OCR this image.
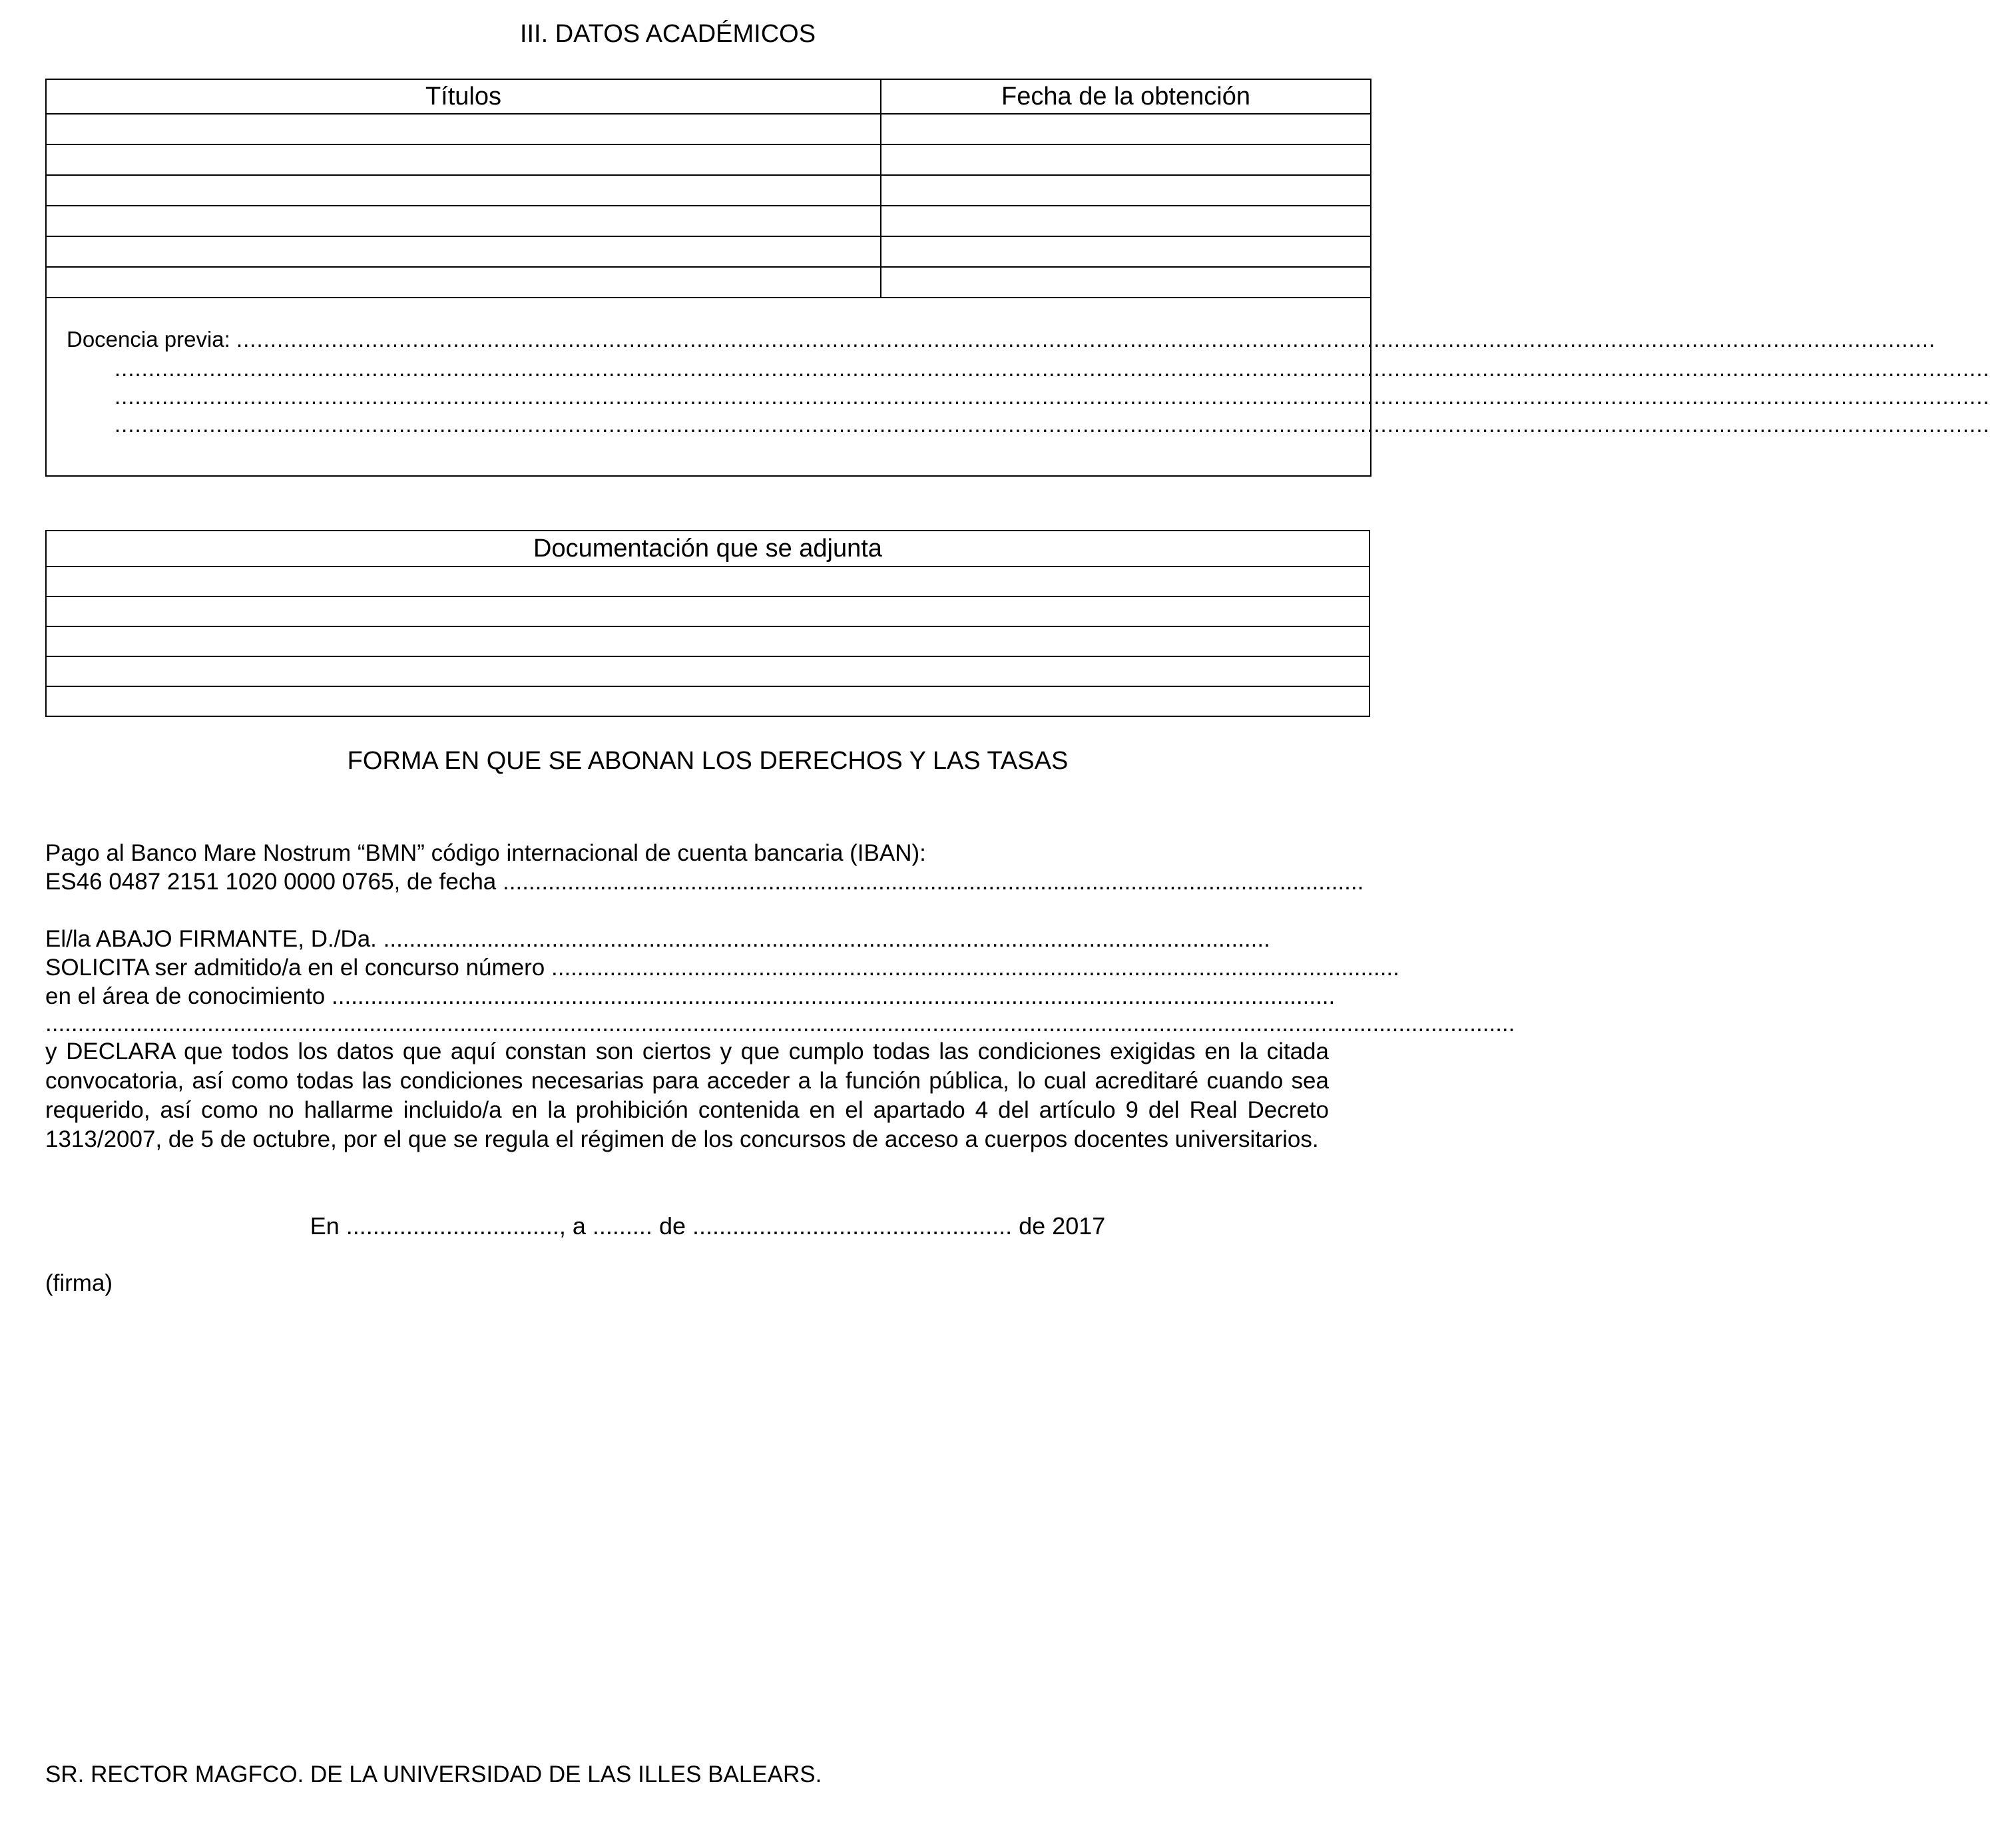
III. DATOS ACADÉMICOS
Títulos	Fecha de la obtención

Docencia previa: ...........................................................................................................................................................................................................................................................
.....................................................................................................................................................................................................................................................................................
.....................................................................................................................................................................................................................................................................................
.....................................................................................................................................................................................................................................................................................	
Documentación que se adjunta

FORMA EN QUE SE ABONAN LOS DERECHOS Y LAS TASAS
Pago al Banco Mare Nostrum “BMN” código internacional de cuenta bancaria (IBAN):
ES46 0487 2151 1020 0000 0765, de fecha .....................................................................................................................................
El/la ABAJO FIRMANTE, D./Da. .........................................................................................................................................
SOLICITA ser admitido/a en el concurso número ...................................................................................................................................
en el área de conocimiento ...........................................................................................................................................................
...................................................................................................................................................................................................................................
y DECLARA que todos los datos que aquí constan son ciertos y que cumplo todas las condiciones exigidas en la citada convocatoria, así como todas las condiciones necesarias para acceder a la función pública, lo cual acreditaré cuando sea requerido, así como no hallarme incluido/a en la prohibición contenida en el apartado 4 del artículo 9 del Real Decreto 1313/2007, de 5 de octubre, por el que se regula el régimen de los concursos de acceso a cuerpos docentes universitarios.
En ................................, a ......... de ................................................ de 2017
(firma)
SR. RECTOR MAGFCO. DE LA UNIVERSIDAD DE LAS ILLES BALEARS.
